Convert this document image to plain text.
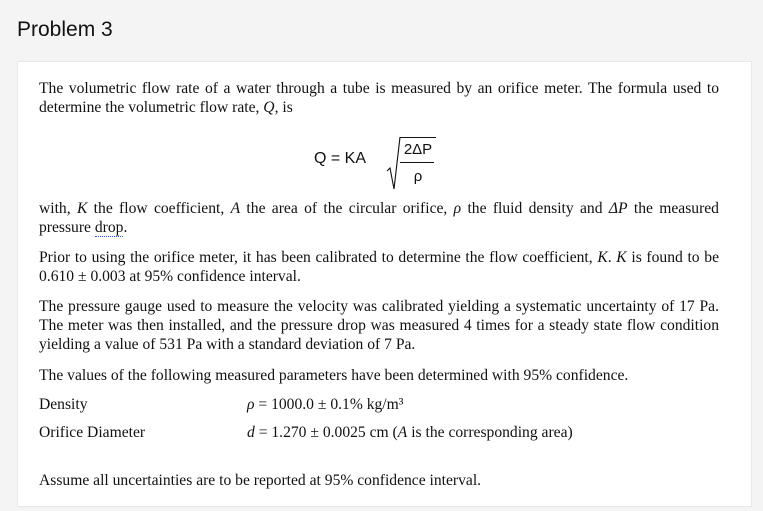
Problem 3

The volumetric flow rate of a water through a tube is measured by an orifice meter. The formula used to determine the volumetric flow rate, Q, is

Q = KA
2ΔP
ρ

with, K the flow coefficient, A the area of the circular orifice, ρ the fluid density and ΔP the measured pressure drop.

Prior to using the orifice meter, it has been calibrated to determine the flow coefficient, K. K is found to be 0.610 ± 0.003 at 95% confidence interval.

The pressure gauge used to measure the velocity was calibrated yielding a systematic uncertainty of 17 Pa. The meter was then installed, and the pressure drop was measured 4 times for a steady state flow condition yielding a value of 531 Pa with a standard deviation of 7 Pa.

The values of the following measured parameters have been determined with 95% confidence.

Density	ρ = 1000.0 ± 0.1% kg/m³
Orifice Diameter	d = 1.270 ± 0.0025 cm (A is the corresponding area)

Assume all uncertainties are to be reported at 95% confidence interval.
